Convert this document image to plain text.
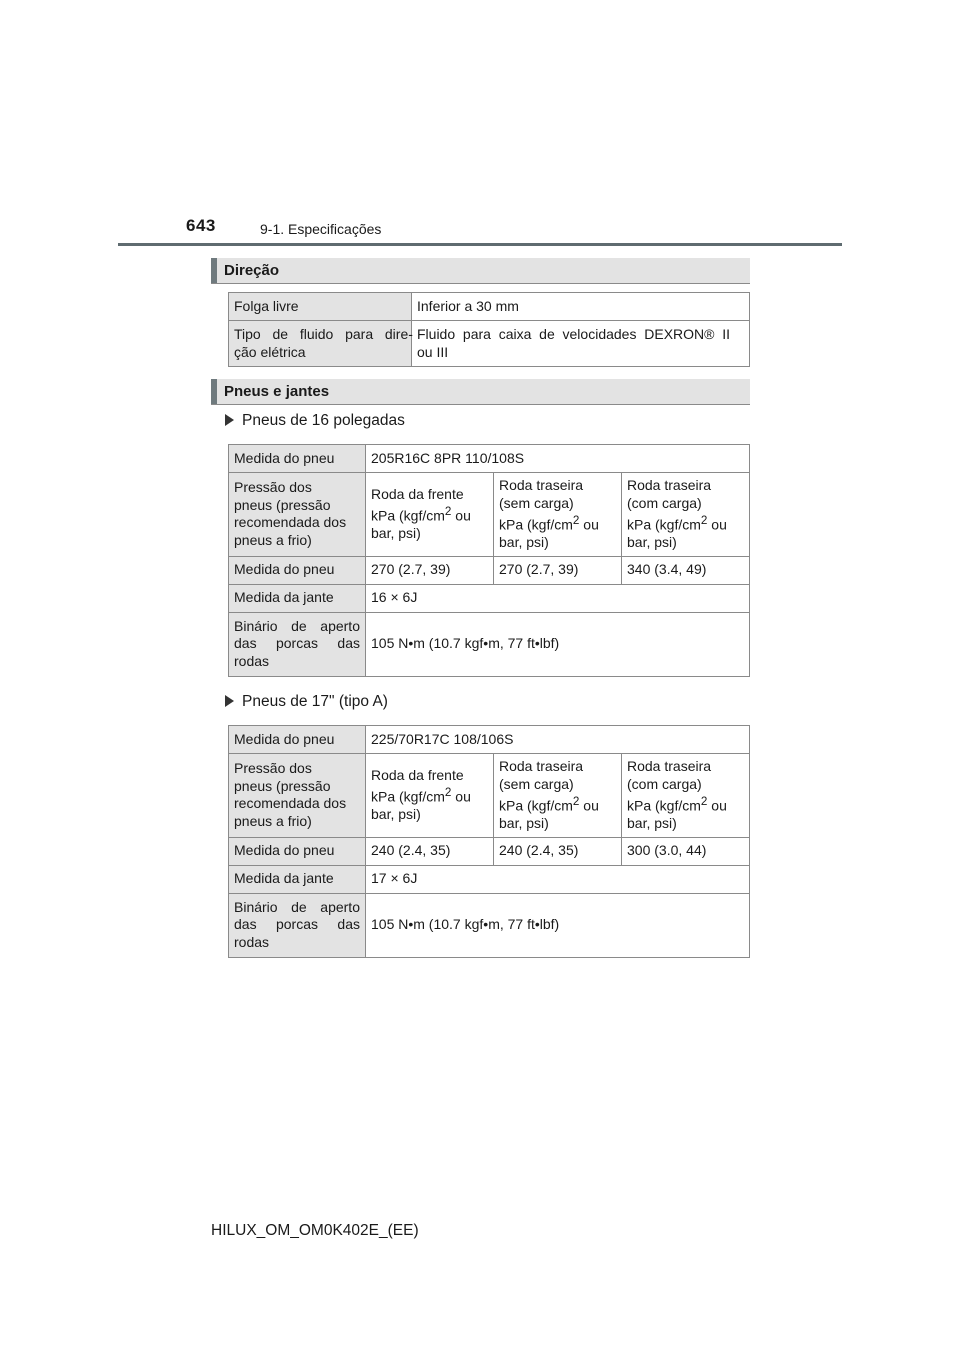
643	9-1. Especificações
Direção
Folga livre	Inferior a 30 mm

Tipo  de  fluido  para  dire-
ção elétrica	Fluido  para  caixa  de  velocidades  DEXRON®  II
ou III
Pneus e jantes
Pneus de 16 polegadas
Medida do pneu	205R16C 8PR 110/108S		

Pressão dos
pneus (pressão
recomendada dos
pneus a frio)	Roda da frente
kPa ($kgf/cm^2$ ou
bar, psi)	Roda traseira
(sem carga)
kPa ($kgf/cm^2$ ou
bar, psi)	Roda traseira
(com carga)
kPa ($kgf/cm^2$ ou
bar, psi)

Medida do pneu	270 (2.7, 39)	270 (2.7, 39)	340 (3.4, 49)
Medida da jante	16 × 6J		

Binário de aperto
das porcas das
rodas	105 N•m (10.7 kgf•m, 77 ft•lbf)		
Pneus de 17" (tipo A)
Medida do pneu	225/70R17C 108/106S		

Pressão dos
pneus (pressão
recomendada dos
pneus a frio)	Roda da frente
kPa ($kgf/cm^2$ ou
bar, psi)	Roda traseira
(sem carga)
kPa ($kgf/cm^2$ ou
bar, psi)	Roda traseira
(com carga)
kPa ($kgf/cm^2$ ou
bar, psi)

Medida do pneu	240 (2.4, 35)	240 (2.4, 35)	300 (3.0, 44)
Medida da jante	17 × 6J		

Binário de aperto
das porcas das
rodas	105 N•m (10.7 kgf•m, 77 ft•lbf)		
HILUX_OM_OM0K402E_(EE)
